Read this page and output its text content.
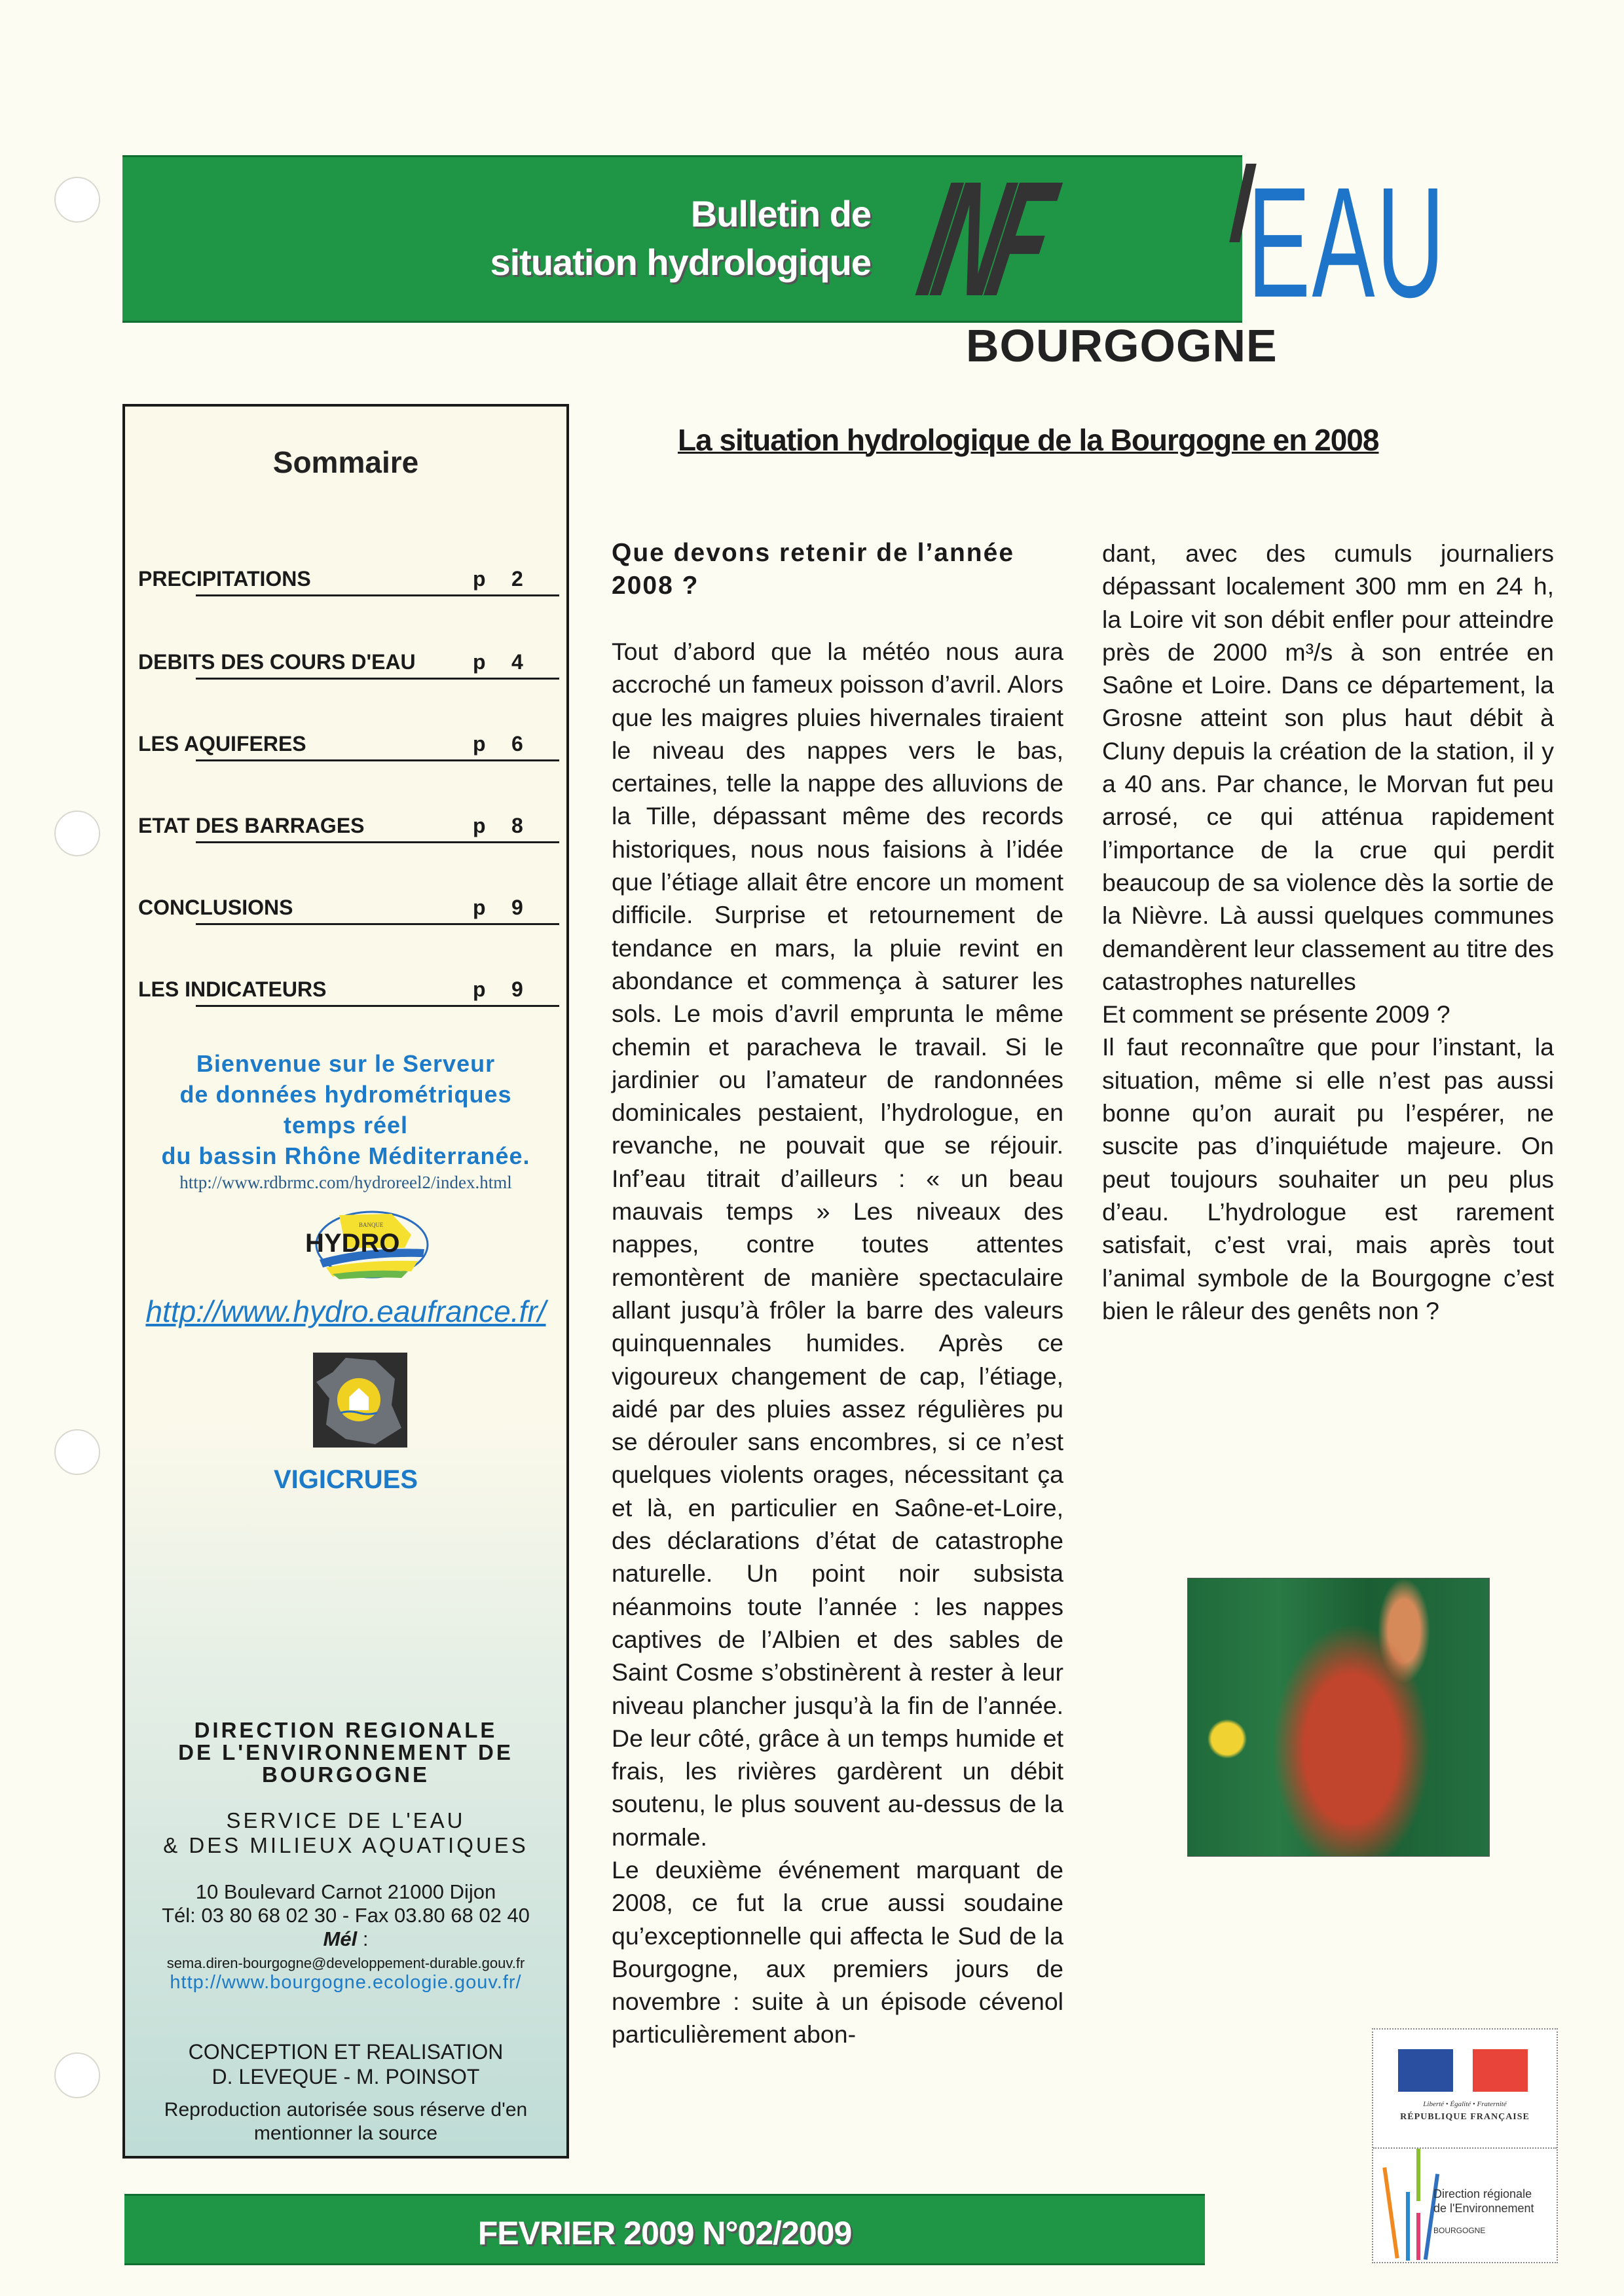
Bulletin de
situation hydrologique INF EAU
BOURGOGNE
Sommaire
PRECIPITATIONS	p 2
DEBITS DES COURS D'EAU	p 4
LES AQUIFERES	p 6
ETAT DES BARRAGES	p 8
CONCLUSIONS	p 9
LES INDICATEURS	p 9
Bienvenue sur le Serveur
de données hydrométriques
temps réel
du bassin Rhône Méditerranée.
http://www.rdbrmc.com/hydroreel2/index.html
HYDRO
BANQUE
http://www.hydro.eaufrance.fr/
VIGICRUES
DIRECTION REGIONALE
DE L'ENVIRONNEMENT DE
BOURGOGNE
SERVICE DE L'EAU
& DES MILIEUX AQUATIQUES
10 Boulevard Carnot 21000 Dijon
Tél: 03 80 68 02 30 - Fax 03.80 68 02 40
Mél :
sema.diren-bourgogne@developpement-durable.gouv.fr
http://www.bourgogne.ecologie.gouv.fr/
CONCEPTION ET REALISATION
D. LEVEQUE - M. POINSOT
Reproduction autorisée sous réserve d'en
mentionner la source
La situation hydrologique de la Bourgogne en 2008

Que devons retenir de l’année 2008 ?

Tout d’abord que la météo nous aura accroché un fameux poisson d’avril. Alors que les maigres pluies hivernales tiraient le niveau des nappes vers le bas, certaines, telle la nappe des alluvions de la Tille, dépassant même des records historiques, nous nous faisions à l’idée que l’étiage allait être encore un moment difficile. Surprise et retournement de tendance en mars, la pluie revint en abondance et commença à saturer les sols. Le mois d’avril emprunta le même chemin et paracheva le travail. Si le jardinier ou l’amateur de randonnées dominicales pestaient, l’hydrologue, en revanche, ne pouvait que se réjouir. Inf’eau titrait d’ailleurs : « un beau mauvais temps » Les niveaux des nappes, contre toutes attentes remontèrent de manière spectaculaire allant jusqu’à frôler la barre des valeurs quinquennales humides. Après ce vigoureux changement de cap, l’étiage, aidé par des pluies assez régulières pu se dérouler sans encombres, si ce n’est quelques violents orages, nécessitant ça et là, en particulier en Saône-et-Loire, des déclarations d’état de catastrophe naturelle. Un point noir subsista néanmoins toute l’année : les nappes captives de l’Albien et des sables de Saint Cosme s’obstinèrent à rester à leur niveau plancher jusqu’à la fin de l’année. De leur côté, grâce à un temps humide et frais, les rivières gardèrent un débit soutenu, le plus souvent au-dessus de la normale.

Le deuxième événement marquant de 2008, ce fut la crue aussi soudaine qu’exceptionnelle qui affecta le Sud de la Bourgogne, aux premiers jours de novembre : suite à un épisode cévenol particulièrement abon-

dant, avec des cumuls journaliers dépassant localement 300 mm en 24 h, la Loire vit son débit enfler pour atteindre près de 2000 m³/s à son entrée en Saône et Loire. Dans ce département, la Grosne atteint son plus haut débit à Cluny depuis la création de la station, il y a 40 ans. Par chance, le Morvan fut peu arrosé, ce qui atténua rapidement l’importance de la crue qui perdit beaucoup de sa violence dès la sortie de la Nièvre. Là aussi quelques communes demandèrent leur classement au titre des catastrophes naturelles

Et comment se présente 2009 ?

Il faut reconnaître que pour l’instant, la situation, même si elle n’est pas aussi bonne qu’on aurait pu l’espérer, ne suscite pas d’inquiétude majeure. On peut toujours souhaiter un peu plus d’eau. L’hydrologue est rarement satisfait, c’est vrai, mais après tout l’animal symbole de la Bourgogne c’est bien le râleur des genêts non ?

FEVRIER 2009 N°02/2009
Liberté • Égalité • Fraternité
RÉPUBLIQUE FRANÇAISE
Direction régionale
de l'Environnement
BOURGOGNE
